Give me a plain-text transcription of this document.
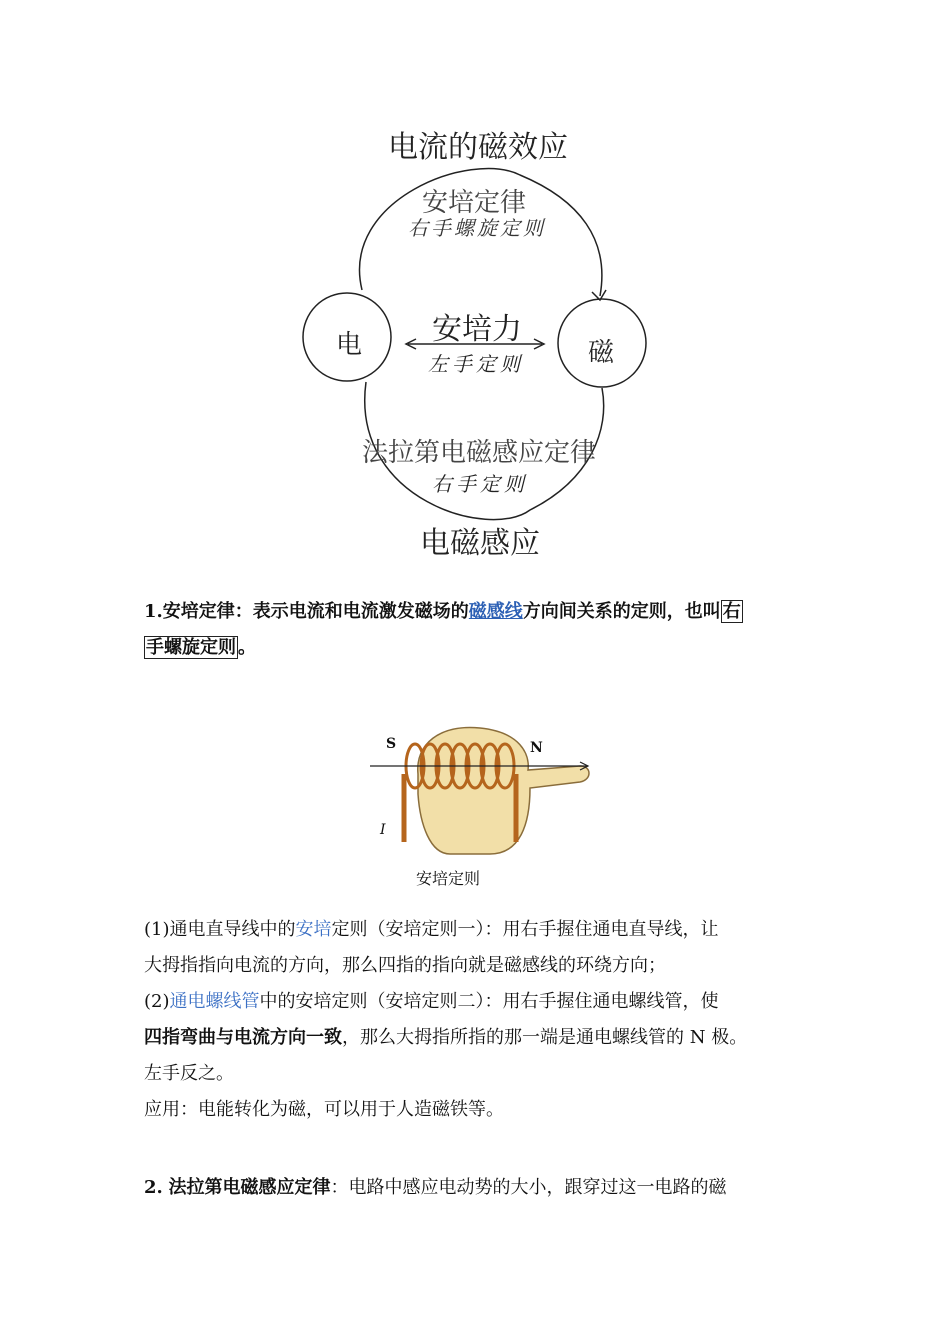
电流的磁效应
安培定律
右手螺旋定则
安培力
左手定则
电	磁
法拉第电磁感应定律
右手定则
电磁感应
1.安培定律：表示电流和电流激发磁场的磁感线方向间关系的定则，也叫 右
手螺旋定则 。
S	N
I
安培定则
(1)通电直导线中的安培定则（安培定则一）：用右手握住通电直导线，让
大拇指指向电流的方向，那么四指的指向就是磁感线的环绕方向；
(2)通电螺线管中的安培定则（安培定则二）：用右手握住通电螺线管，使
四指弯曲与电流方向一致，那么大拇指所指的那一端是通电螺线管的 N 极。
左手反之。
应用：电能转化为磁，可以用于人造磁铁等。
2. 法拉第电磁感应定律：电路中感应电动势的大小，跟穿过这一电路的磁
